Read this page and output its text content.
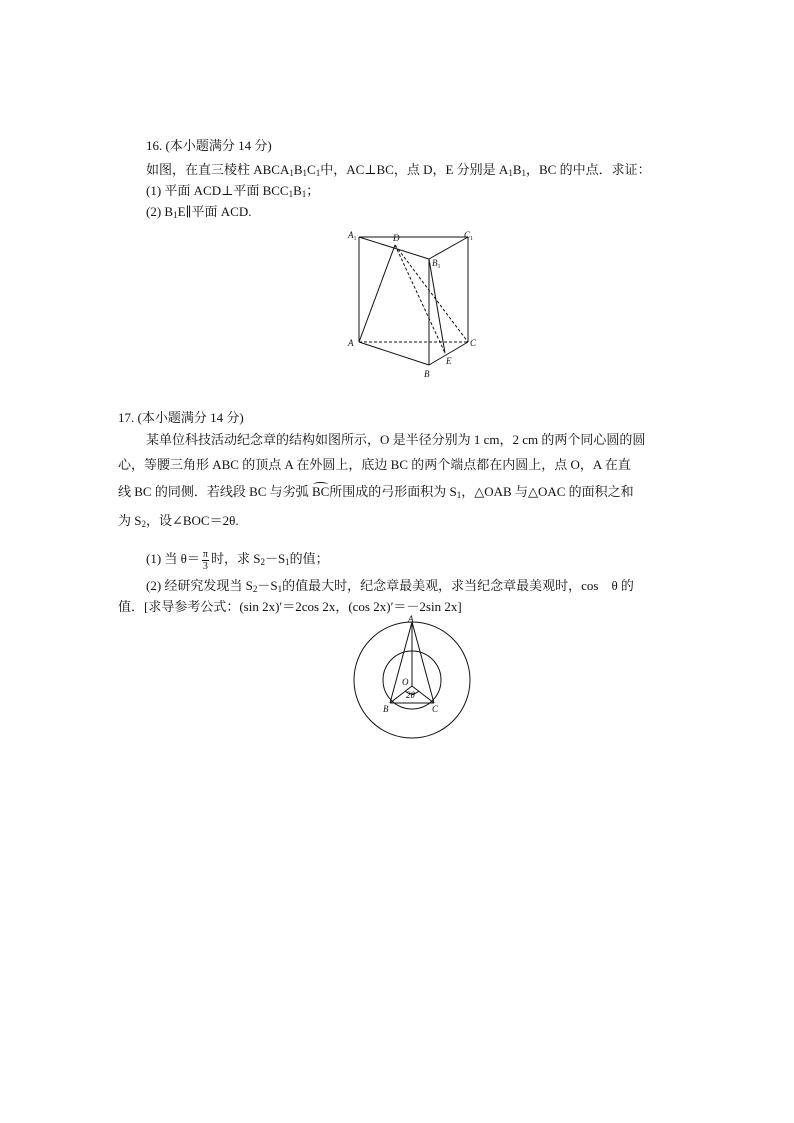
16. (本小题满分 14 分)
如图，在直三棱柱 $ABCA_1B_1C_1$中，AC⊥BC，点 D，E 分别是 $A_1B_1$，BC 的中点．求证：
(1) 平面 ACD⊥平面 $BCC_1B_1$；
(2) $B_1E\parallel$平面 ACD.
$A_1$	D	$C_1$
$B_1$
A	C
E
B
17. (本小题满分 14 分)
某单位科技活动纪念章的结构如图所示，O 是半径分别为 1 cm，2 cm 的两个同心圆的圆
心，等腰三角形 ABC 的顶点 A 在外圆上，底边 BC 的两个端点都在内圆上，点 O，A 在直
线 BC 的同侧．若线段 BC 与劣弧 BC所围成的弓形面积为 $S_1$，△OAB 与△OAC 的面积之和
为 $S_2$，设∠BOC＝2θ.
(1) 当 $\theta= \frac{\pi}{3}$ 时，求 $S_2-S_1$的值；
(2) 经研究发现当 $S_2-S_1$的值最大时，纪念章最美观，求当纪念章最美观时，cos　θ 的
值．[求导参考公式：(sin 2x)′＝2cos 2x，(cos 2x)′＝－2sin 2x]
A
O
2θ
B	C
